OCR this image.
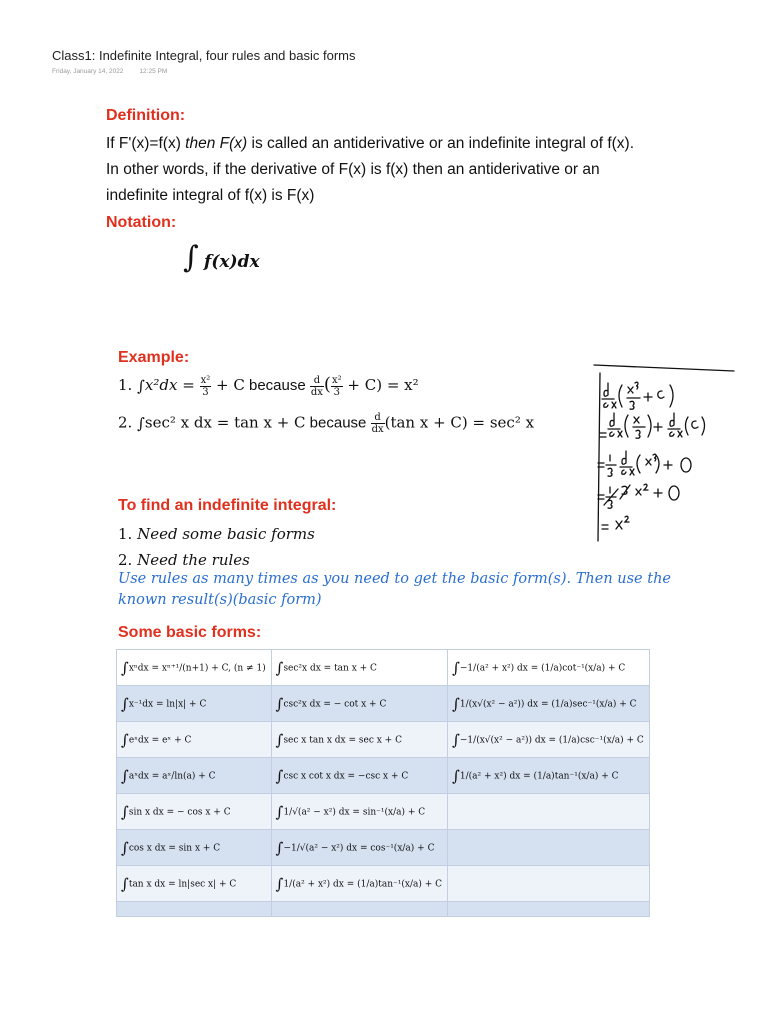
Class1: Indefinite Integral, four rules and basic forms
Friday, January 14, 2022 12:25 PM
Definition:
If F'(x)=f(x) then F(x) is called an antiderivative or an indefinite integral of f(x).
In other words, if the derivative of F(x) is f(x) then an antiderivative or an
indefinite integral of f(x) is F(x)
Notation:
∫ f(x)dx
Example:
1. $\int x^2dx = \frac{\text{x²}}{3} + C$ because $\frac{d}{dx}$ ( $\frac{\text{x²}}{3} + C) = x^2$
2. ∫sec² x dx = tan x + C because $\frac{d}{dx} (\tan$ x + C) = sec² x
To find an indefinite integral:
1. Need some basic forms
2. Need the rules
Use rules as many times as you need to get the basic form(s). Then use the
known result(s)(basic form)
Some basic forms:
∫xⁿdx = xⁿ⁺¹/(n+1) + C, (n ≠ 1)	∫sec²x dx = tan x + C	∫−1/(a² + x²) dx = (1/a)cot⁻¹(x/a) + C
∫x⁻¹dx = ln|x| + C	∫csc²x dx = − cot x + C	∫1/(x√(x² − a²)) dx = (1/a)sec⁻¹(x/a) + C
∫eˣdx = eˣ + C	∫sec x tan x dx = sec x + C	∫−1/(x√(x² − a²)) dx = (1/a)csc⁻¹(x/a) + C
∫aˣdx = aˣ/ln(a) + C	∫csc x cot x dx = −csc x + C	∫1/(a² + x²) dx = (1/a)tan⁻¹(x/a) + C
∫sin x dx = − cos x + C	∫1/√(a² − x²) dx = sin⁻¹(x/a) + C	
∫cos x dx = sin x + C	∫−1/√(a² − x²) dx = cos⁻¹(x/a) + C	
∫tan x dx = ln|sec x| + C	∫1/(a² + x²) dx = (1/a)tan⁻¹(x/a) + C	
